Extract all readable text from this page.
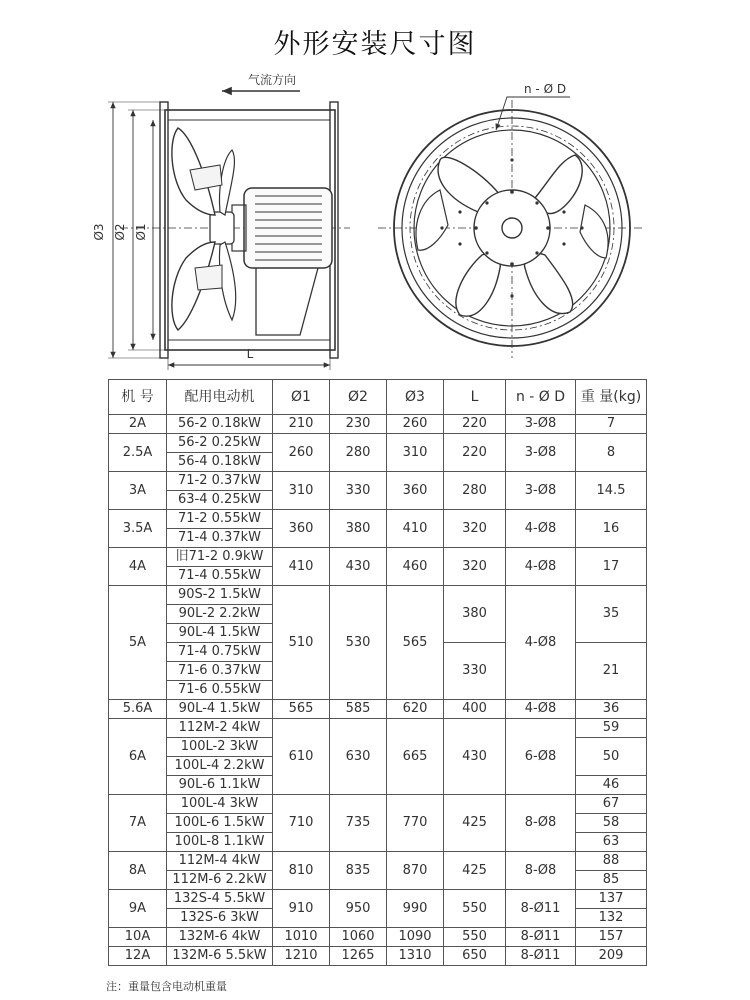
外形安装尺寸图
气流方向
Ø3 Ø2 Ø1
L
n - Ø D
机 号	配用电动机	Ø1	Ø2	Ø3	L	n - Ø D	重 量(kg)
2A	56-2 0.18kW	210	230	260	220	3-Ø8	7
2.5A	56-2 0.25kW	260	280	310	220	3-Ø8	8
	56-4 0.18kW						
3A	71-2 0.37kW	310	330	360	280	3-Ø8	14.5
	63-4 0.25kW						
3.5A	71-2 0.55kW	360	380	410	320	4-Ø8	16
	71-4 0.37kW						
4A	旧71-2 0.9kW	410	430	460	320	4-Ø8	17
	71-4 0.55kW						
5A	90S-2 1.5kW	510	530	565	380	4-Ø8	35
	90L-2 2.2kW						
	90L-4 1.5kW						
	71-4 0.75kW				330		21
	71-6 0.37kW						
	71-6 0.55kW						
5.6A	90L-4 1.5kW	565	585	620	400	4-Ø8	36
6A	112M-2 4kW	610	630	665	430	6-Ø8	59
	100L-2 3kW						50
	100L-4 2.2kW						
	90L-6 1.1kW						46
7A	100L-4 3kW	710	735	770	425	8-Ø8	67
	100L-6 1.5kW						58
	100L-8 1.1kW						63
8A	112M-4 4kW	810	835	870	425	8-Ø8	88
	112M-6 2.2kW						85
9A	132S-4 5.5kW	910	950	990	550	8-Ø11	137
	132S-6 3kW						132
10A	132M-6 4kW	1010	1060	1090	550	8-Ø11	157
12A	132M-6 5.5kW	1210	1265	1310	650	8-Ø11	209
注：重量包含电动机重量
